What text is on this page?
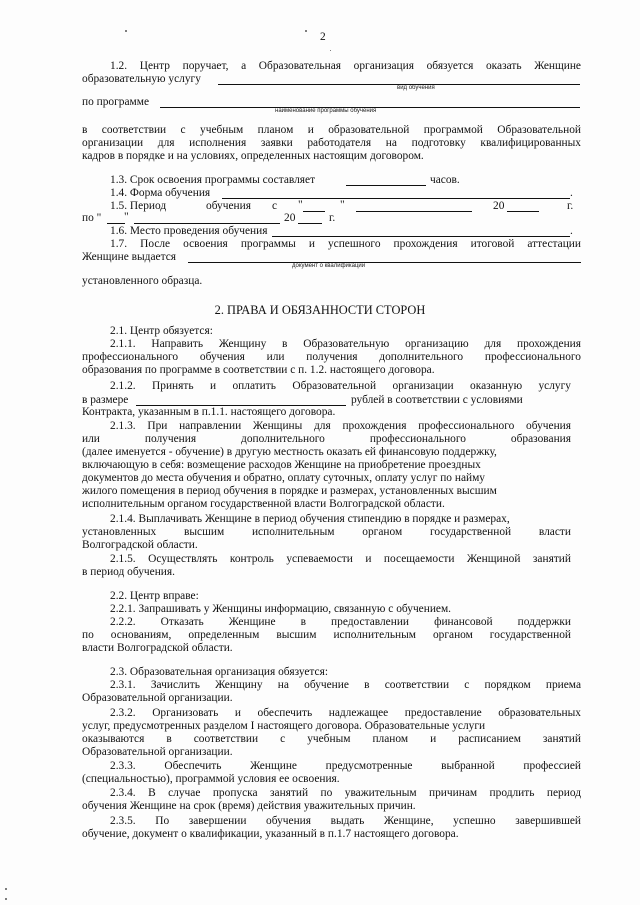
2
1.2. Центр поручает, а Образовательная организация обязуется оказать Женщине
образовательную услугу
вид обучения
по программе
наименование программы обучения
в соответствии с учебным планом и образовательной программой Образовательной
организации для исполнения заявки работодателя на подготовку квалифицированных
кадров в порядке и на условиях, определенных настоящим договором.
1.3. Срок освоения программы составляет	часов.
1.4. Форма обучения	.
1.5. Период	обучения с "	"	20	г.
по " "	20	г.
1.6. Место проведения обучения	.
1.7. После освоения программы и успешного прохождения итоговой аттестации
Женщине выдается
документ о квалификации
установленного образца.
2. ПРАВА И ОБЯЗАННОСТИ СТОРОН
2.1. Центр обязуется:
2.1.1. Направить Женщину в Образовательную организацию для прохождения
профессионального обучения или получения дополнительного профессионального
образования по программе в соответствии с п. 1.2. настоящего договора.
2.1.2. Принять и оплатить Образовательной организации оказанную услугу
в размере	рублей в соответствии с условиями
Контракта, указанным в п.1.1. настоящего договора.
2.1.3. При направлении Женщины для прохождения профессионального обучения
или получения дополнительного профессионального образования
(далее именуется - обучение) в другую местность оказать ей финансовую поддержку,
включающую в себя: возмещение расходов Женщине на приобретение проездных
документов до места обучения и обратно, оплату суточных, оплату услуг по найму
жилого помещения в период обучения в порядке и размерах, установленных высшим
исполнительным органом государственной власти Волгоградской области.
2.1.4. Выплачивать Женщине в период обучения стипендию в порядке и размерах,
установленных высшим исполнительным органом государственной власти
Волгоградской области.
2.1.5. Осуществлять контроль успеваемости и посещаемости Женщиной занятий
в период обучения.
2.2. Центр вправе:
2.2.1. Запрашивать у Женщины информацию, связанную с обучением.
2.2.2. Отказать Женщине в предоставлении финансовой поддержки
по основаниям, определенным высшим исполнительным органом государственной
власти Волгоградской области.
2.3. Образовательная организация обязуется:
2.3.1. Зачислить Женщину на обучение в соответствии с порядком приема
Образовательной организации.
2.3.2. Организовать и обеспечить надлежащее предоставление образовательных
услуг, предусмотренных разделом I настоящего договора. Образовательные услуги
оказываются в соответствии с учебным планом и расписанием занятий
Образовательной организации.
2.3.3. Обеспечить Женщине предусмотренные выбранной профессией
(специальностью), программой условия ее освоения.
2.3.4. В случае пропуска занятий по уважительным причинам продлить период
обучения Женщине на срок (время) действия уважительных причин.
2.3.5. По завершении обучения выдать Женщине, успешно завершившей
обучение, документ о квалификации, указанный в п.1.7 настоящего договора.
